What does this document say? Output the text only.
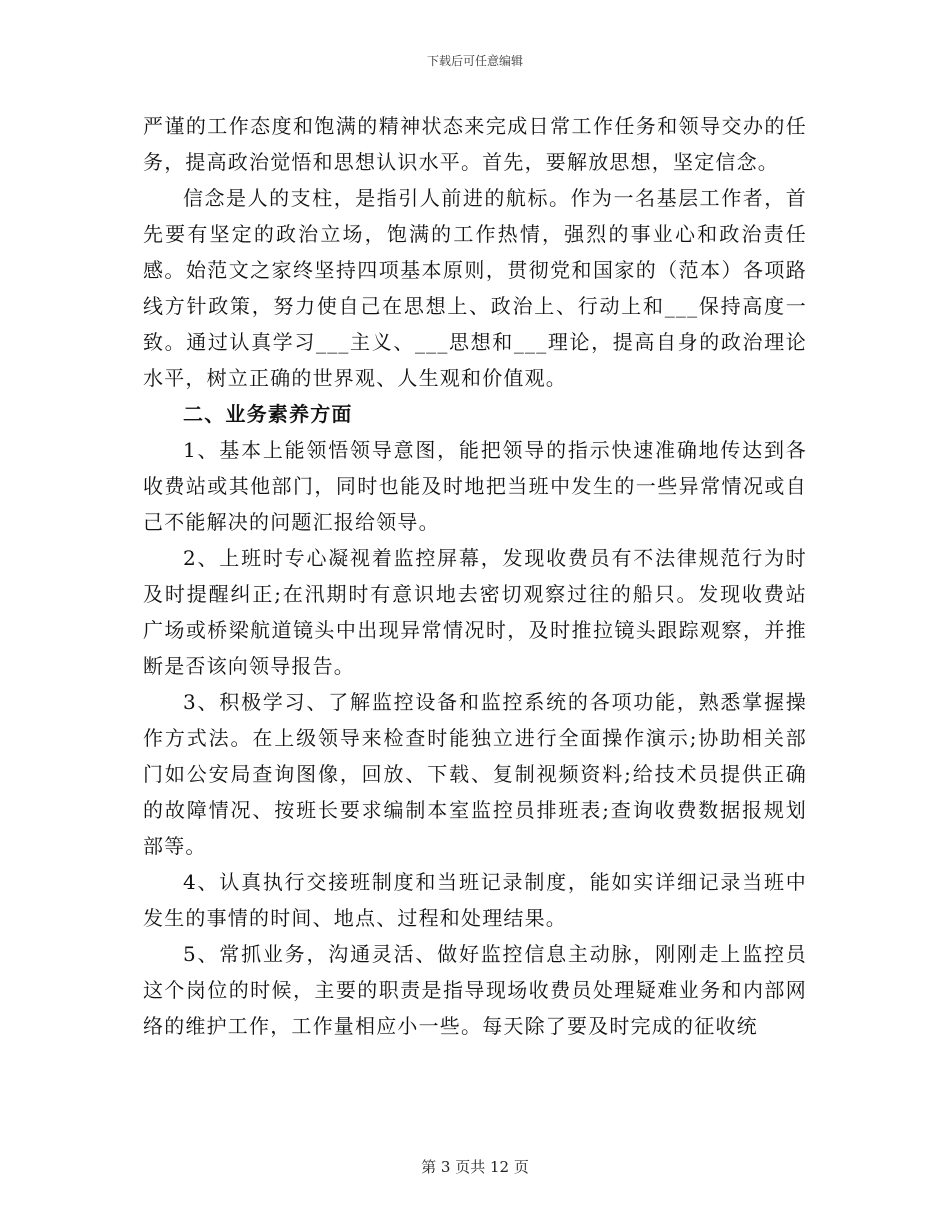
下载后可任意编辑

严谨的工作态度和饱满的精神状态来完成日常工作任务和领导交办的任务，提高政治觉悟和思想认识水平。首先，要解放思想，坚定信念。

信念是人的支柱，是指引人前进的航标。作为一名基层工作者，首先要有坚定的政治立场，饱满的工作热情，强烈的事业心和政治责任感。始范文之家终坚持四项基本原则，贯彻党和国家的（范本）各项路线方针政策，努力使自己在思想上、政治上、行动上和___保持高度一致。通过认真学习___主义、___思想和___理论，提高自身的政治理论水平，树立正确的世界观、人生观和价值观。

二、业务素养方面

1、基本上能领悟领导意图，能把领导的指示快速准确地传达到各收费站或其他部门，同时也能及时地把当班中发生的一些异常情况或自己不能解决的问题汇报给领导。

2、上班时专心凝视着监控屏幕，发现收费员有不法律规范行为时及时提醒纠正;在汛期时有意识地去密切观察过往的船只。发现收费站广场或桥梁航道镜头中出现异常情况时，及时推拉镜头跟踪观察，并推断是否该向领导报告。

3、积极学习、了解监控设备和监控系统的各项功能，熟悉掌握操作方式法。在上级领导来检查时能独立进行全面操作演示;协助相关部门如公安局查询图像，回放、下载、复制视频资料;给技术员提供正确的故障情况、按班长要求编制本室监控员排班表;查询收费数据报规划部等。

4、认真执行交接班制度和当班记录制度，能如实详细记录当班中发生的事情的时间、地点、过程和处理结果。

5、常抓业务，沟通灵活、做好监控信息主动脉，刚刚走上监控员这个岗位的时候，主要的职责是指导现场收费员处理疑难业务和内部网络的维护工作，工作量相应小一些。每天除了要及时完成的征收统

第 3 页共 12 页
